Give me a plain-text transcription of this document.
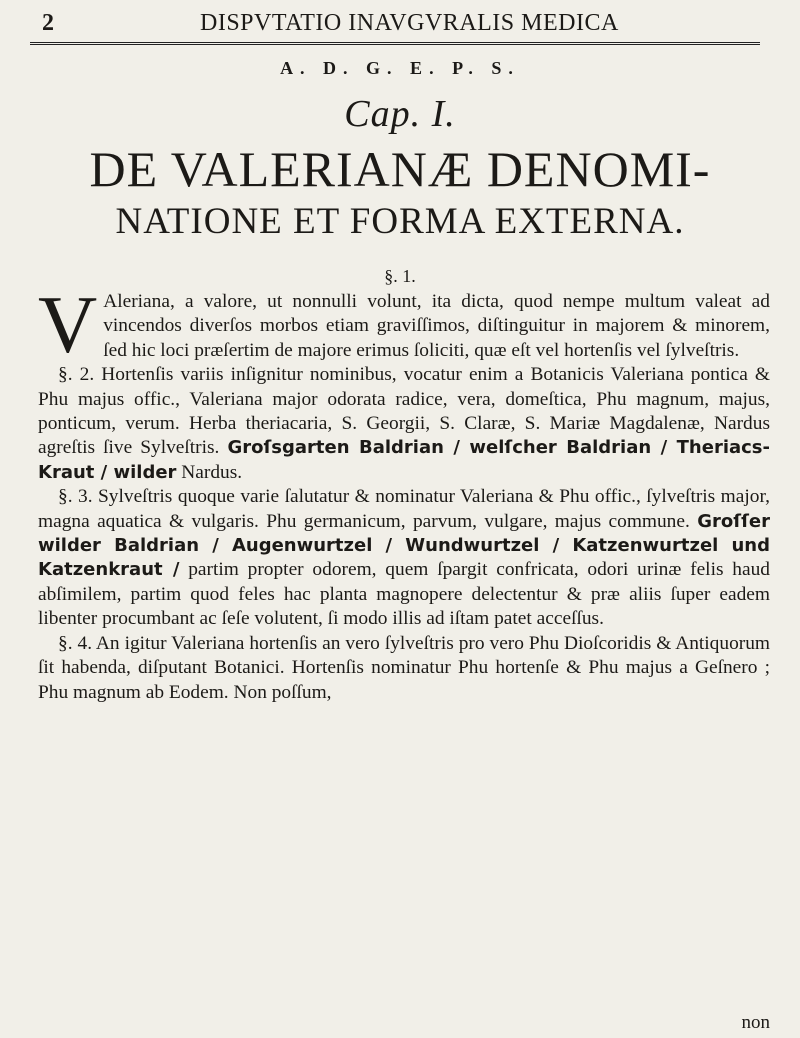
2	DISPVTATIO INAVGVRALIS MEDICA
A. D. G. E. P. S.
Cap. I.
DE VALERIANÆ DENOMI-
NATIONE ET FORMA EXTERNA.
§. 1.

V Aleriana, a valore, ut nonnulli volunt, ita dicta, quod nempe multum valeat ad vincendos diverſos morbos etiam graviſſimos, diſtinguitur in majorem & minorem, ſed hic loci præſertim de majore erimus ſoliciti, quæ eſt vel hortenſis vel ſylveſtris.

§. 2. Hortenſis variis inſignitur nominibus, vocatur enim a Botanicis Valeriana pontica & Phu majus offic., Valeriana major odorata radice, vera, domeſtica, Phu magnum, majus, ponticum, verum. Herba theriacaria, S. Georgii, S. Claræ, S. Mariæ Magdalenæ, Nardus agreſtis ſive Sylveſtris. Groſsgarten Baldrian / welſcher Baldrian / Theriacs-Kraut / wilder Nardus.

§. 3. Sylveſtris quoque varie ſalutatur & nominatur Valeriana & Phu offic., ſylveſtris major, magna aquatica & vulgaris. Phu germanicum, parvum, vulgare, majus commune. Groſſer wilder Baldrian / Augenwurtzel / Wundwurtzel / Katzenwurtzel und Katzenkraut / partim propter odorem, quem ſpargit confricata, odori urinæ felis haud abſimilem, partim quod feles hac planta magnopere delectentur & præ aliis ſuper eadem libenter procumbant ac ſeſe volutent, ſi modo illis ad iſtam patet acceſſus.

§. 4. An igitur Valeriana hortenſis an vero ſylveſtris pro vero Phu Dioſcoridis & Antiquorum ſit habenda, diſputant Botanici. Hortenſis nominatur Phu hortenſe & Phu majus a Geſnero ; Phu magnum ab Eodem. Non poſſum,

non
